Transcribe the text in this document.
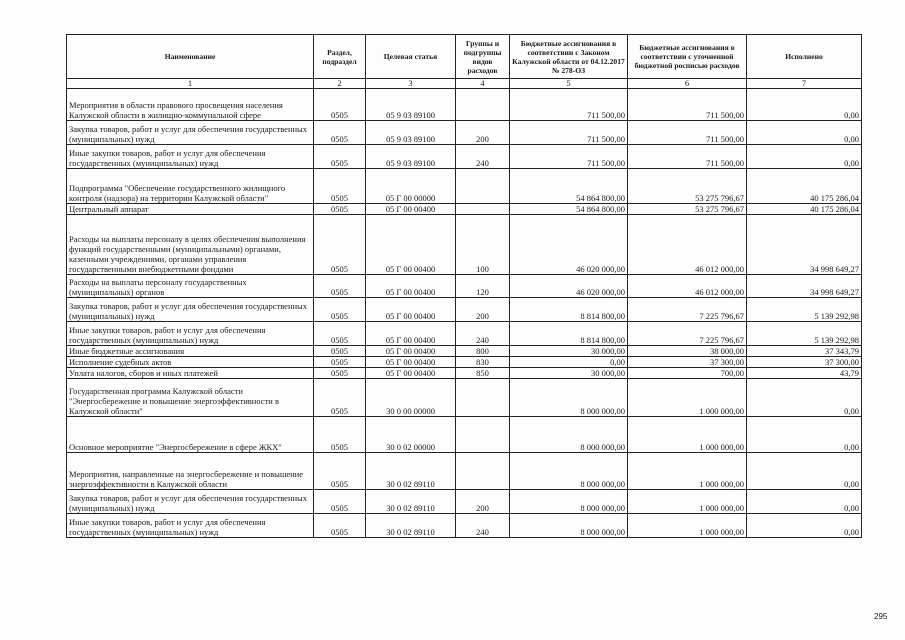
Наименование	Раздел, подраздел	Целевая статья	Группы и подгруппы видов расходов	Бюджетные ассигнования в соответствии с Законом Калужской области от 04.12.2017 № 278-ОЗ	Бюджетные ассигнования в соответствии с уточненной бюджетной росписью расходов	Исполнено
1	2	3	4	5	6	7
Мероприятия в области правового просвещения населения Калужской области в жилищно-коммунальной сфере	0505	05 9 03 89100		711 500,00	711 500,00	0,00
Закупка товаров, работ и услуг для обеспечения государственных (муниципальных) нужд	0505	05 9 03 89100	200	711 500,00	711 500,00	0,00
Иные закупки товаров, работ и услуг для обеспечения государственных (муниципальных) нужд	0505	05 9 03 89100	240	711 500,00	711 500,00	0,00
Подпрограмма "Обеспечение государственного жилищного контроля (надзора) на территории Калужской области"	0505	05 Г 00 00000		54 864 800,00	53 275 796,67	40 175 286,04
Центральный аппарат	0505	05 Г 00 00400		54 864 800,00	53 275 796,67	40 175 286,04
Расходы на выплаты персоналу в целях обеспечения выполнения функций государственными (муниципальными) органами, казенными учреждениями, органами управления государственными внебюджетными фондами	0505	05 Г 00 00400	100	46 020 000,00	46 012 000,00	34 998 649,27
Расходы на выплаты персоналу государственных (муниципальных) органов	0505	05 Г 00 00400	120	46 020 000,00	46 012 000,00	34 998 649,27
Закупка товаров, работ и услуг для обеспечения государственных (муниципальных) нужд	0505	05 Г 00 00400	200	8 814 800,00	7 225 796,67	5 139 292,98
Иные закупки товаров, работ и услуг для обеспечения государственных (муниципальных) нужд	0505	05 Г 00 00400	240	8 814 800,00	7 225 796,67	5 139 292,98
Иные бюджетные ассигнования	0505	05 Г 00 00400	800	30 000,00	38 000,00	37 343,79
Исполнение судебных актов	0505	05 Г 00 00400	830	0,00	37 300,00	37 300,00
Уплата налогов, сборов и иных платежей	0505	05 Г 00 00400	850	30 000,00	700,00	43,79
Государственная программа Калужской области "Энергосбережение и повышение энергоэффективности в Калужской области"	0505	30 0 00 00000		8 000 000,00	1 000 000,00	0,00
Основное мероприятие "Энергосбережение в сфере ЖКХ"	0505	30 0 02 00000		8 000 000,00	1 000 000,00	0,00
Мероприятия, направленные на энергосбережение и повышение энергоэффективности в Калужской области	0505	30 0 02 89110		8 000 000,00	1 000 000,00	0,00
Закупка товаров, работ и услуг для обеспечения государственных (муниципальных) нужд	0505	30 0 02 89110	200	8 000 000,00	1 000 000,00	0,00
Иные закупки товаров, работ и услуг для обеспечения государственных (муниципальных) нужд	0505	30 0 02 89110	240	8 000 000,00	1 000 000,00	0,00
295
